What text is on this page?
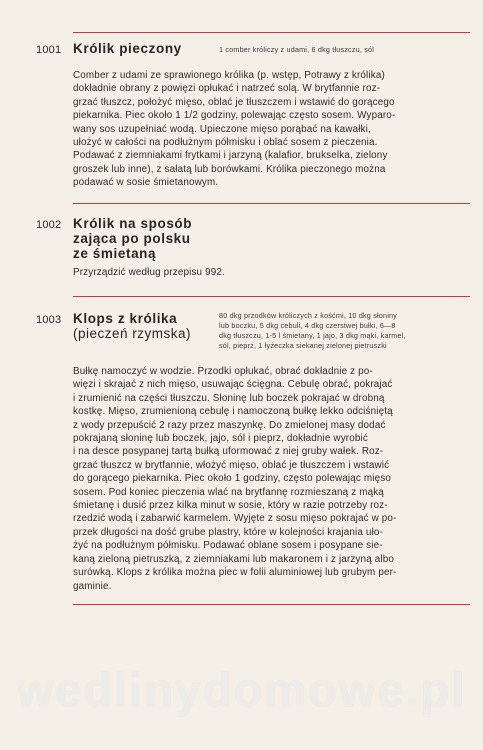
1001 Królik pieczony	1 comber króliczy z udami, 6 dkg tłuszczu, sól
Comber z udami ze sprawionego królika (p. wstęp, Potrawy z królika)
dokładnie obrany z powięzi opłukać i natrzeć solą. W brytfannie roz-
grzać tłuszcz, położyć mięso, oblać je tłuszczem i wstawić do gorącego
piekarnika. Piec około 1 1/2 godziny, polewając często sosem. Wyparo-
wany sos uzupełniać wodą. Upieczone mięso porąbać na kawałki,
ułożyć w całości na podłużnym półmisku i oblać sosem z pieczenia.
Podawać z ziemniakami frytkami i jarzyną (kalafior, brukselka, zielony
groszek lub inne), z sałatą lub borówkami. Królika pieczonego można
podawać w sosie śmietanowym.
1002 Królik na sposób
zająca po polsku
ze śmietaną
Przyrządzić według przepisu 992.
1003 Klops z królika
(pieczeń rzymska)
80 dkg przodków króliczych z kośćmi, 10 dkg słoniny
lub boczku, 5 dkg cebuli, 4 dkg czerstwej bułki, 6—8
dkg tłuszczu, 1-5 l śmietany, 1 jajo, 3 dkg mąki, karmel,
sól, pieprz, 1 łyżeczka siekanej zielonej pietruszki
Bułkę namoczyć w wodzie. Przodki opłukać, obrać dokładnie z po-
więzi i skrajać z nich mięso, usuwając ścięgna. Cebulę obrać, pokrajać
i zrumienić na części tłuszczu. Słoninę lub boczek pokrajać w drobną
kostkę. Mięso, zrumienioną cebulę i namoczoną bułkę lekko odciśniętą
z wody przepuścić 2 razy przez maszynkę. Do zmielonej masy dodać
pokrajaną słoninę lub boczek, jajo, sól i pieprz, dokładnie wyrobić
i na desce posypanej tartą bułką uformować z niej gruby wałek. Roz-
grzać tłuszcz w brytfannie, włożyć mięso, oblać je tłuszczem i wstawić
do gorącego piekarnika. Piec około 1 godziny, często polewając mięso
sosem. Pod koniec pieczenia wlać na brytfannę rozmieszaną z mąką
śmietanę i dusić przez kilka minut w sosie, który w razie potrzeby roz-
rzedzić wodą i zabarwić karmelem. Wyjęte z sosu mięso pokrajać w po-
przek długości na dość grube plastry, które w kolejności krajania uło-
żyć na podłużnym półmisku. Podawać oblane sosem i posypane sie-
kaną zieloną pietruszką, z ziemniakami lub makaronem i z jarzyną albo
surówką. Klops z królika można piec w folii aluminiowej lub grubym per-
gaminie.
wedlinydomowe.pl
